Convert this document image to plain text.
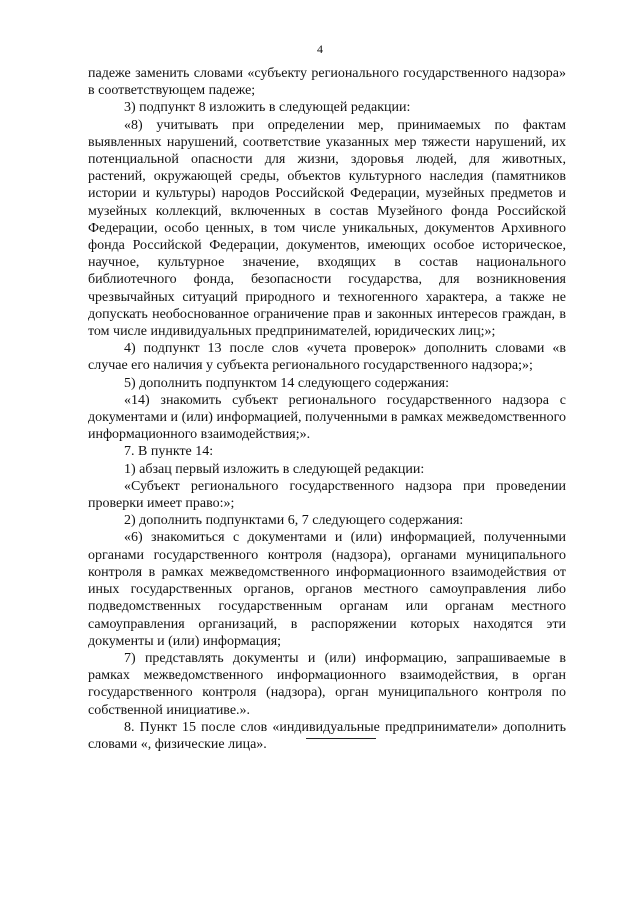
4

падеже заменить словами «субъекту регионального государственного надзора» в соответствующем падеже;

3) подпункт 8 изложить в следующей редакции:

«8) учитывать при определении мер, принимаемых по фактам выявленных нарушений, соответствие указанных мер тяжести нарушений, их потенциальной опасности для жизни, здоровья людей, для животных, растений, окружающей среды, объектов культурного наследия (памятников истории и культуры) народов Российской Федерации, музейных предметов и музейных коллекций, включенных в состав Музейного фонда Российской Федерации, особо ценных, в том числе уникальных, документов Архивного фонда Российской Федерации, документов, имеющих особое историческое, научное, культурное значение, входящих в состав национального библиотечного фонда, безопасности государства, для возникновения чрезвычайных ситуаций природного и техногенного характера, а также не допускать необоснованное ограничение прав и законных интересов граждан, в том числе индивидуальных предпринимателей, юридических лиц;»;

4) подпункт 13 после слов «учета проверок» дополнить словами «в случае его наличия у субъекта регионального государственного надзора;»;

5) дополнить подпунктом 14 следующего содержания:

«14) знакомить субъект регионального государственного надзора с документами и (или) информацией, полученными в рамках межведомственного информационного взаимодействия;».

7. В пункте 14:

1) абзац первый изложить в следующей редакции:

«Субъект регионального государственного надзора при проведении проверки имеет право:»;

2) дополнить подпунктами 6, 7 следующего содержания:

«6) знакомиться с документами и (или) информацией, полученными органами государственного контроля (надзора), органами муниципального контроля в рамках межведомственного информационного взаимодействия от иных государственных органов, органов местного самоуправления либо подведомственных государственным органам или органам местного самоуправления организаций, в распоряжении которых находятся эти документы и (или) информация;

7) представлять документы и (или) информацию, запрашиваемые в рамках межведомственного информационного взаимодействия, в орган государственного контроля (надзора), орган муниципального контроля по собственной инициативе.».

8. Пункт 15 после слов «индивидуальные предприниматели» дополнить словами «, физические лица».
